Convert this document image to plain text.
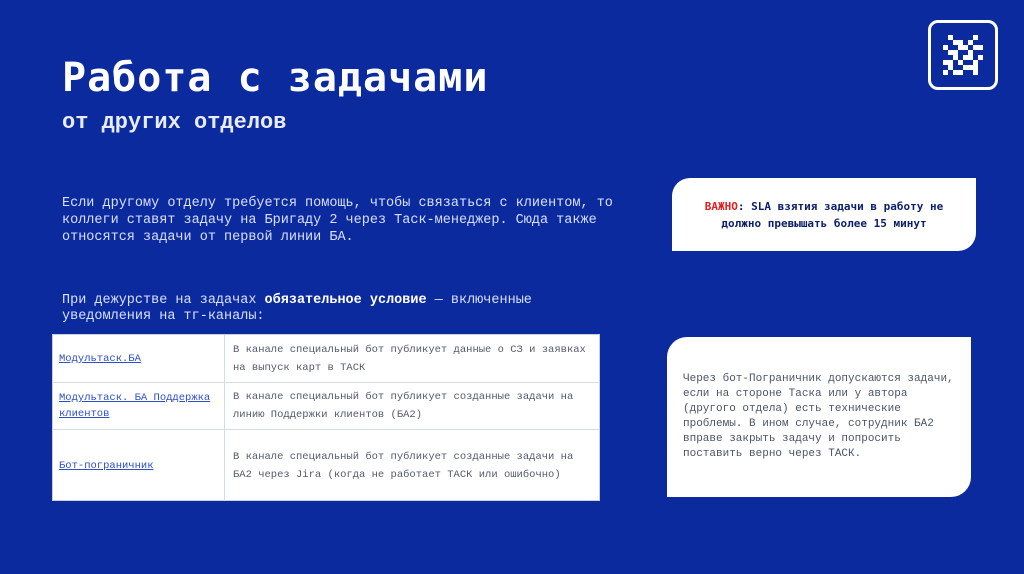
Работа с задачами
от других отделов

Если другому отделу требуется помощь, чтобы связаться с клиентом, то коллеги ставят задачу на Бригаду 2 через Таск-менеджер. Сюда также относятся задачи от первой линии БА.

При дежурстве на задачах обязательное условие — включенные уведомления на тг-каналы:

Модультаск.БА
В канале специальный бот публикует данные о СЗ и заявках на выпуск карт в ТАСК
Модультаск. БА Поддержка клиентов
В канале специальный бот публикует созданные задачи на линию Поддержки клиентов (БА2)
Бот-пограничник
В канале специальный бот публикует созданные задачи на БА2 через Jira (когда не работает ТАСК или ошибочно)
ВАЖНО: SLA взятия задачи в работу не должно превышать более 15 минут
Через бот-Пограничник допускаются задачи, если на стороне Таска или у автора (другого отдела) есть технические проблемы. В ином случае, сотрудник БА2 вправе закрыть задачу и попросить поставить верно через ТАСК.
